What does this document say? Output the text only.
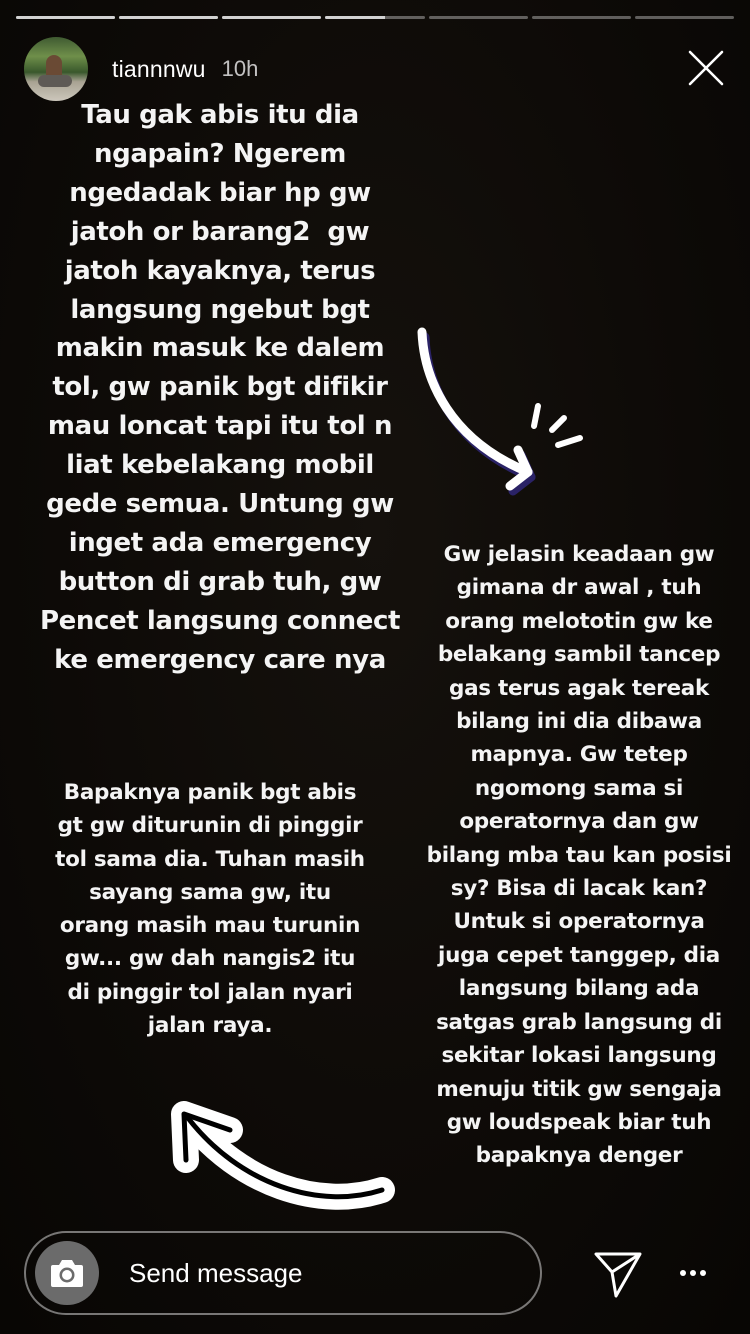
tiannnwu 10h
Tau gak abis itu dia
ngapain? Ngerem
ngedadak biar hp gw
jatoh or barang2  gw
jatoh kayaknya, terus
langsung ngebut bgt
makin masuk ke dalem
tol, gw panik bgt difikir
mau loncat tapi itu tol n
liat kebelakang mobil
gede semua. Untung gw
inget ada emergency
button di grab tuh, gw
Pencet langsung connect
ke emergency care nya
Bapaknya panik bgt abis
gt gw diturunin di pinggir
tol sama dia. Tuhan masih
sayang sama gw, itu
orang masih mau turunin
gw... gw dah nangis2 itu
di pinggir tol jalan nyari
jalan raya.
Gw jelasin keadaan gw
gimana dr awal , tuh
orang melototin gw ke
belakang sambil tancep
gas terus agak tereak
bilang ini dia dibawa
mapnya. Gw tetep
ngomong sama si
operatornya dan gw
bilang mba tau kan posisi
sy? Bisa di lacak kan?
Untuk si operatornya
juga cepet tanggep, dia
langsung bilang ada
satgas grab langsung di
sekitar lokasi langsung
menuju titik gw sengaja
gw loudspeak biar tuh
bapaknya denger
Send message
